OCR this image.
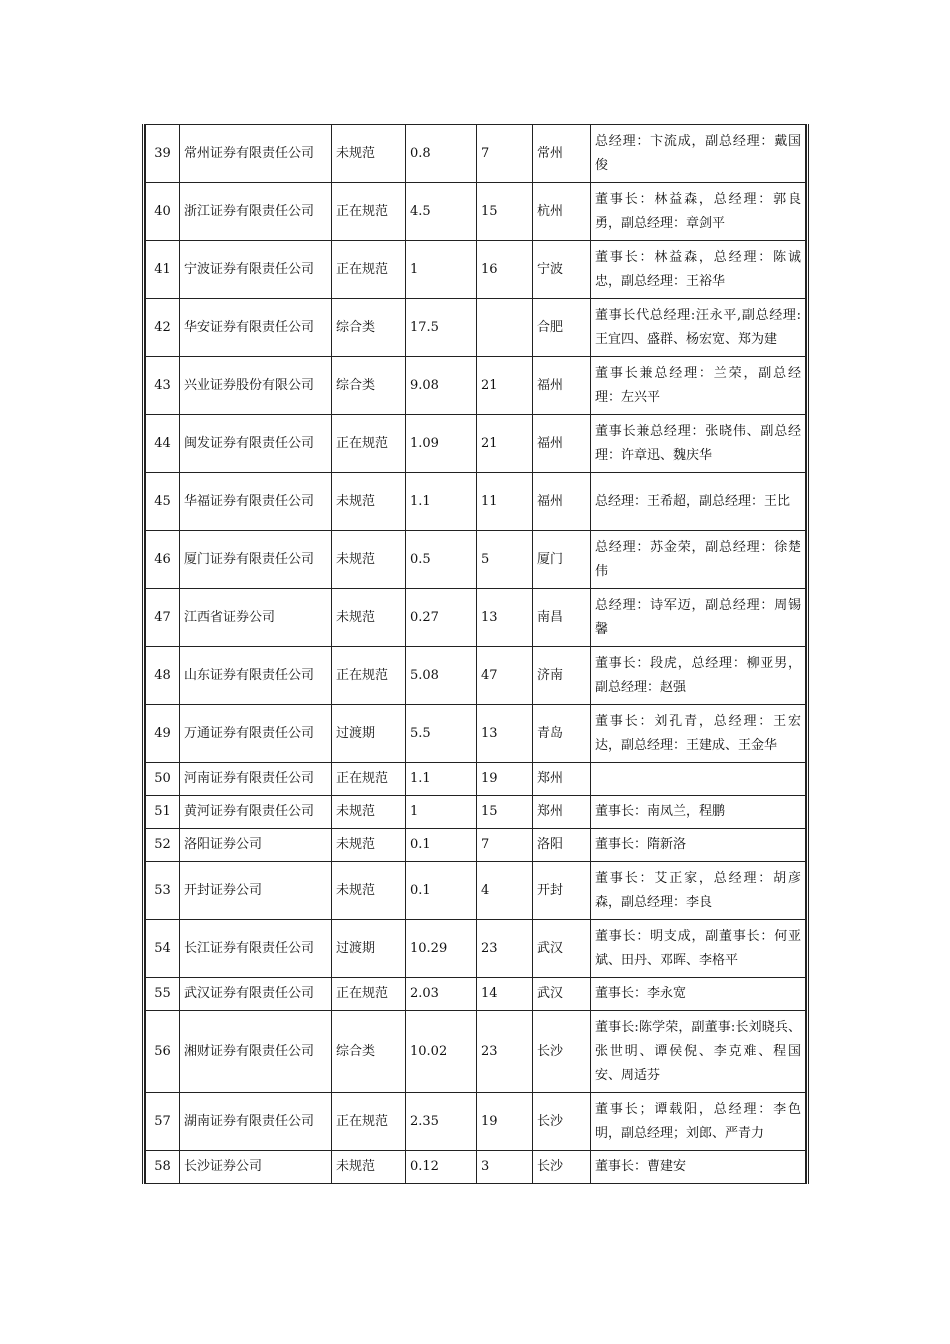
39	常州证券有限责任公司	未规范	0.8	7	常州	总经理：卞流成，副总经理：戴国俊
40	浙江证券有限责任公司	正在规范	4.5	15	杭州	董事长：林益森，总经理：郭良勇，副总经理：章剑平
41	宁波证券有限责任公司	正在规范	1	16	宁波	董事长：林益森，总经理：陈诚忠，副总经理：王裕华
42	华安证券有限责任公司	综合类	17.5		合肥	董事长代总经理:汪永平,副总经理:王宜四、盛群、杨宏宽、郑为建
43	兴业证券股份有限公司	综合类	9.08	21	福州	董事长兼总经理：兰荣，副总经理：左兴平
44	闽发证券有限责任公司	正在规范	1.09	21	福州	董事长兼总经理：张晓伟、副总经理：许章迅、魏庆华
45	华福证券有限责任公司	未规范	1.1	11	福州	总经理：王希超，副总经理：王比
46	厦门证券有限责任公司	未规范	0.5	5	厦门	总经理：苏金荣，副总经理：徐楚伟
47	江西省证券公司	未规范	0.27	13	南昌	总经理：诗军迈，副总经理：周锡馨
48	山东证券有限责任公司	正在规范	5.08	47	济南	董事长：段虎，总经理：柳亚男，副总经理：赵强
49	万通证券有限责任公司	过渡期	5.5	13	青岛	董事长：刘孔青，总经理：王宏达，副总经理：王建成、王金华
50	河南证券有限责任公司	正在规范	1.1	19	郑州	
51	黄河证券有限责任公司	未规范	1	15	郑州	董事长：南凤兰，程鹏
52	洛阳证券公司	未规范	0.1	7	洛阳	董事长：隋新洛
53	开封证券公司	未规范	0.1	4	开封	董事长：艾正家，总经理：胡彦森，副总经理：李良
54	长江证券有限责任公司	过渡期	10.29	23	武汉	董事长：明支成，副董事长：何亚斌、田丹、邓晖、李格平
55	武汉证券有限责任公司	正在规范	2.03	14	武汉	董事长：李永宽
56	湘财证券有限责任公司	综合类	10.02	23	长沙	董事长:陈学荣，副董事:长刘晓兵、张世明、谭侯倪、李克难、程国安、周适芬
57	湖南证券有限责任公司	正在规范	2.35	19	长沙	董事长；谭载阳，总经理：李色明，副总经理；刘郎、严青力
58	长沙证券公司	未规范	0.12	3	长沙	董事长：曹建安
